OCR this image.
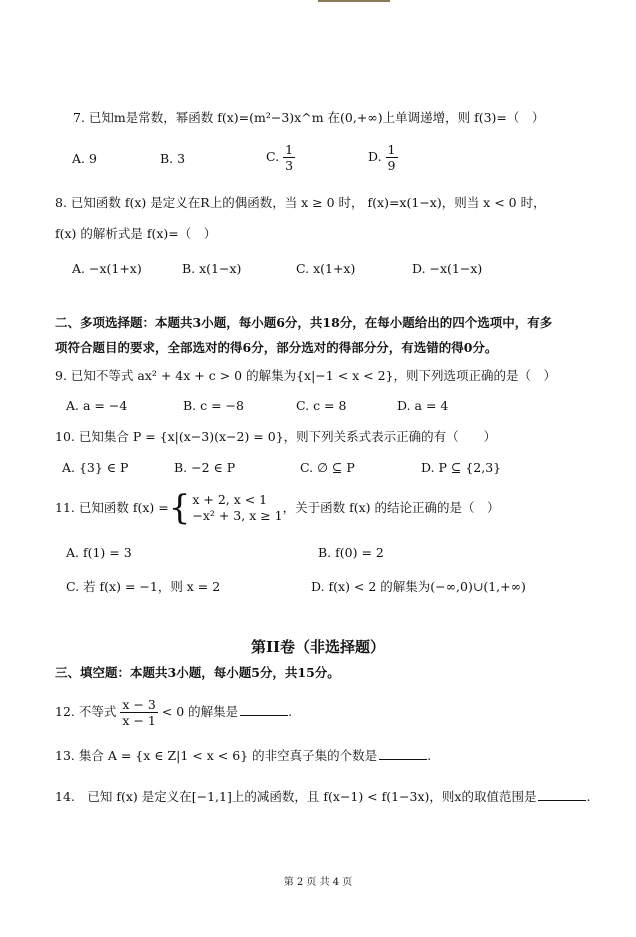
7. 已知m是常数，幂函数 f(x)=(m²−3)x^m 在(0,+∞)上单调递增，则 f(3)=（　）
A. 9	B. 3	C. $\frac{1}{3}$	D. $\frac{1}{9}$
8. 已知函数 f(x) 是定义在R上的偶函数，当 x ≥ 0 时， f(x)=x(1−x)，则当 x < 0 时，
f(x) 的解析式是 f(x)=（　）
A. −x(1+x)	B. x(1−x)	C. x(1+x)	D. −x(1−x)
二、多项选择题：本题共3小题，每小题6分，共18分，在每小题给出的四个选项中，有多
项符合题目的要求，全部选对的得6分，部分选对的得部分分，有选错的得0分。
9. 已知不等式 ax² + 4x + c > 0 的解集为{x|−1 < x < 2}，则下列选项正确的是（　）
A. a = −4	B. c = −8	C. c = 8	D. a = 4
10. 已知集合 P = {x|(x−3)(x−2) = 0}，则下列关系式表示正确的有（　　）
A. {3} ∈ P	B. −2 ∈ P	C. ∅ ⊆ P	D. P ⊆ {2,3}
11. 已知函数 f(x) = { x + 2, x < 1
−x² + 3, x ≥ 1
，关于函数 f(x) 的结论正确的是（　）
A. f(1) = 3	B. f(0) = 2
C. 若 f(x) = −1，则 x = 2	D. f(x) < 2 的解集为(−∞,0)∪(1,+∞)
第II卷（非选择题）
三、填空题：本题共3小题，每小题5分，共15分。
12. 不等式 $\frac{x - 3}{x - 1} < 0$ 的解集是	.
13. 集合 A = {x ∈ Z|1 < x < 6} 的非空真子集的个数是	.
14.　已知 f(x) 是定义在[−1,1]上的减函数，且 f(x−1) < f(1−3x)，则x的取值范围是	.
第 2 页 共 4 页
